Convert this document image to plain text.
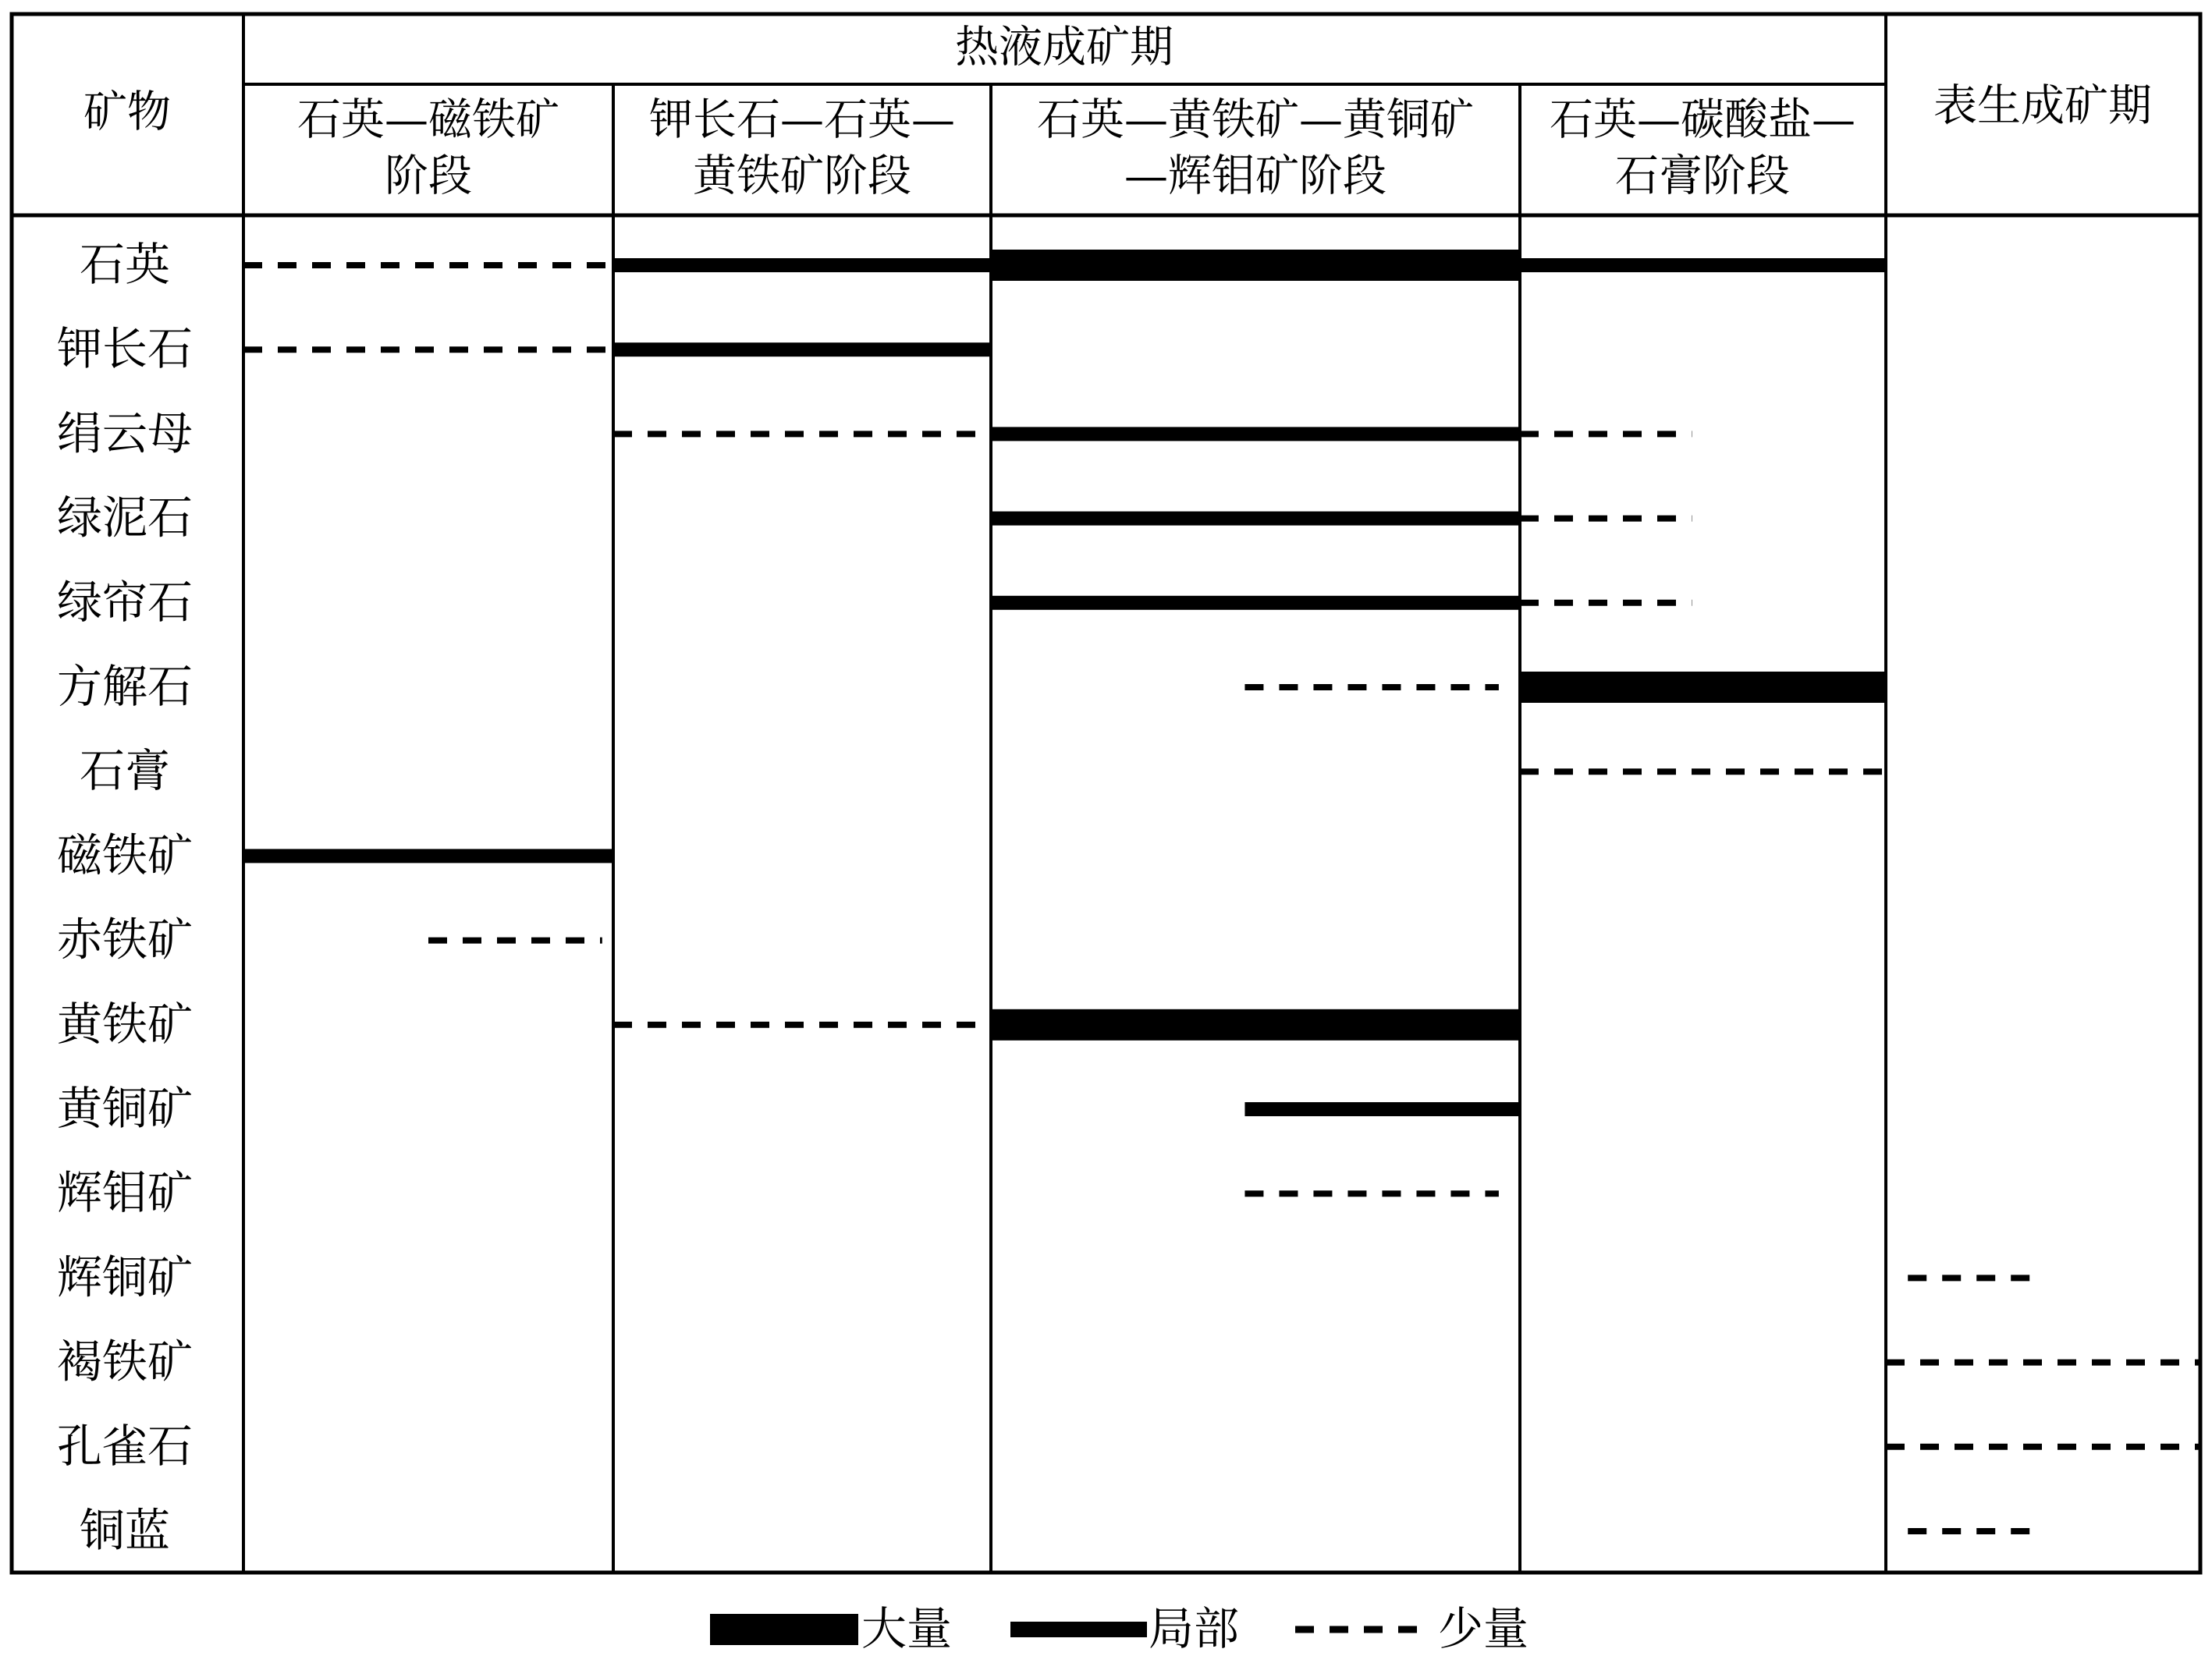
矿物
热液成矿期
表生成矿期
石英—磁铁矿
阶段
钾长石—石英—
黄铁矿阶段
石英—黄铁矿—黄铜矿
—辉钼矿阶段
石英—碳酸盐—
石膏阶段
石英
钾长石
绢云母
绿泥石
绿帘石
方解石
石膏
磁铁矿
赤铁矿
黄铁矿
黄铜矿
辉钼矿
辉铜矿
褐铁矿
孔雀石
铜蓝
大量	局部	少量
